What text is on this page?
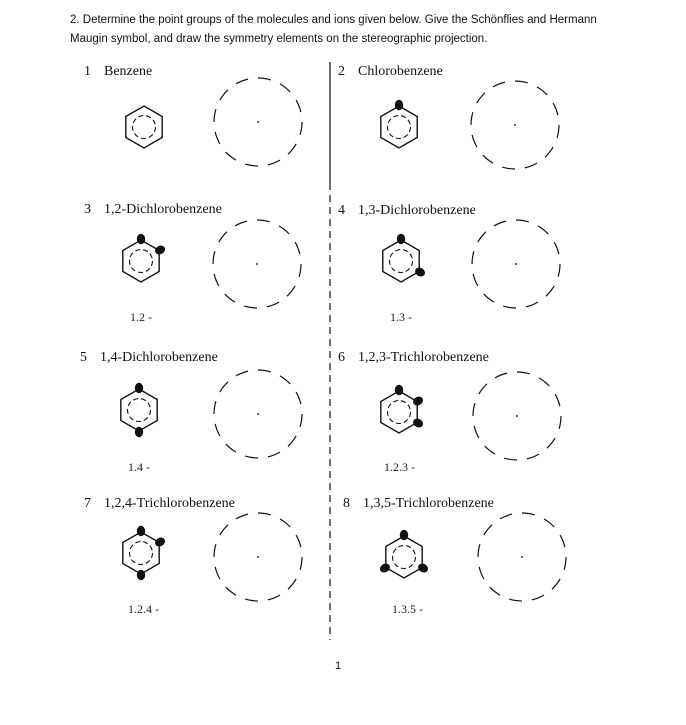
2. Determine the point groups of the molecules and ions given below. Give the Schönflies and Hermann Maugin symbol, and draw the symmetry elements on the stereographic projection.
1 Benzene	2 Chlorobenzene
3 1,2-Dichlorobenzene	4 1,3-Dichlorobenzene
5 1,4-Dichlorobenzene	6 1,2,3-Trichlorobenzene
7 1,2,4-Trichlorobenzene	8 1,3,5-Trichlorobenzene
1.2 -	1.3 -
1.4 -	1.2.3 -
1.2.4 -	1.3.5 -
1
